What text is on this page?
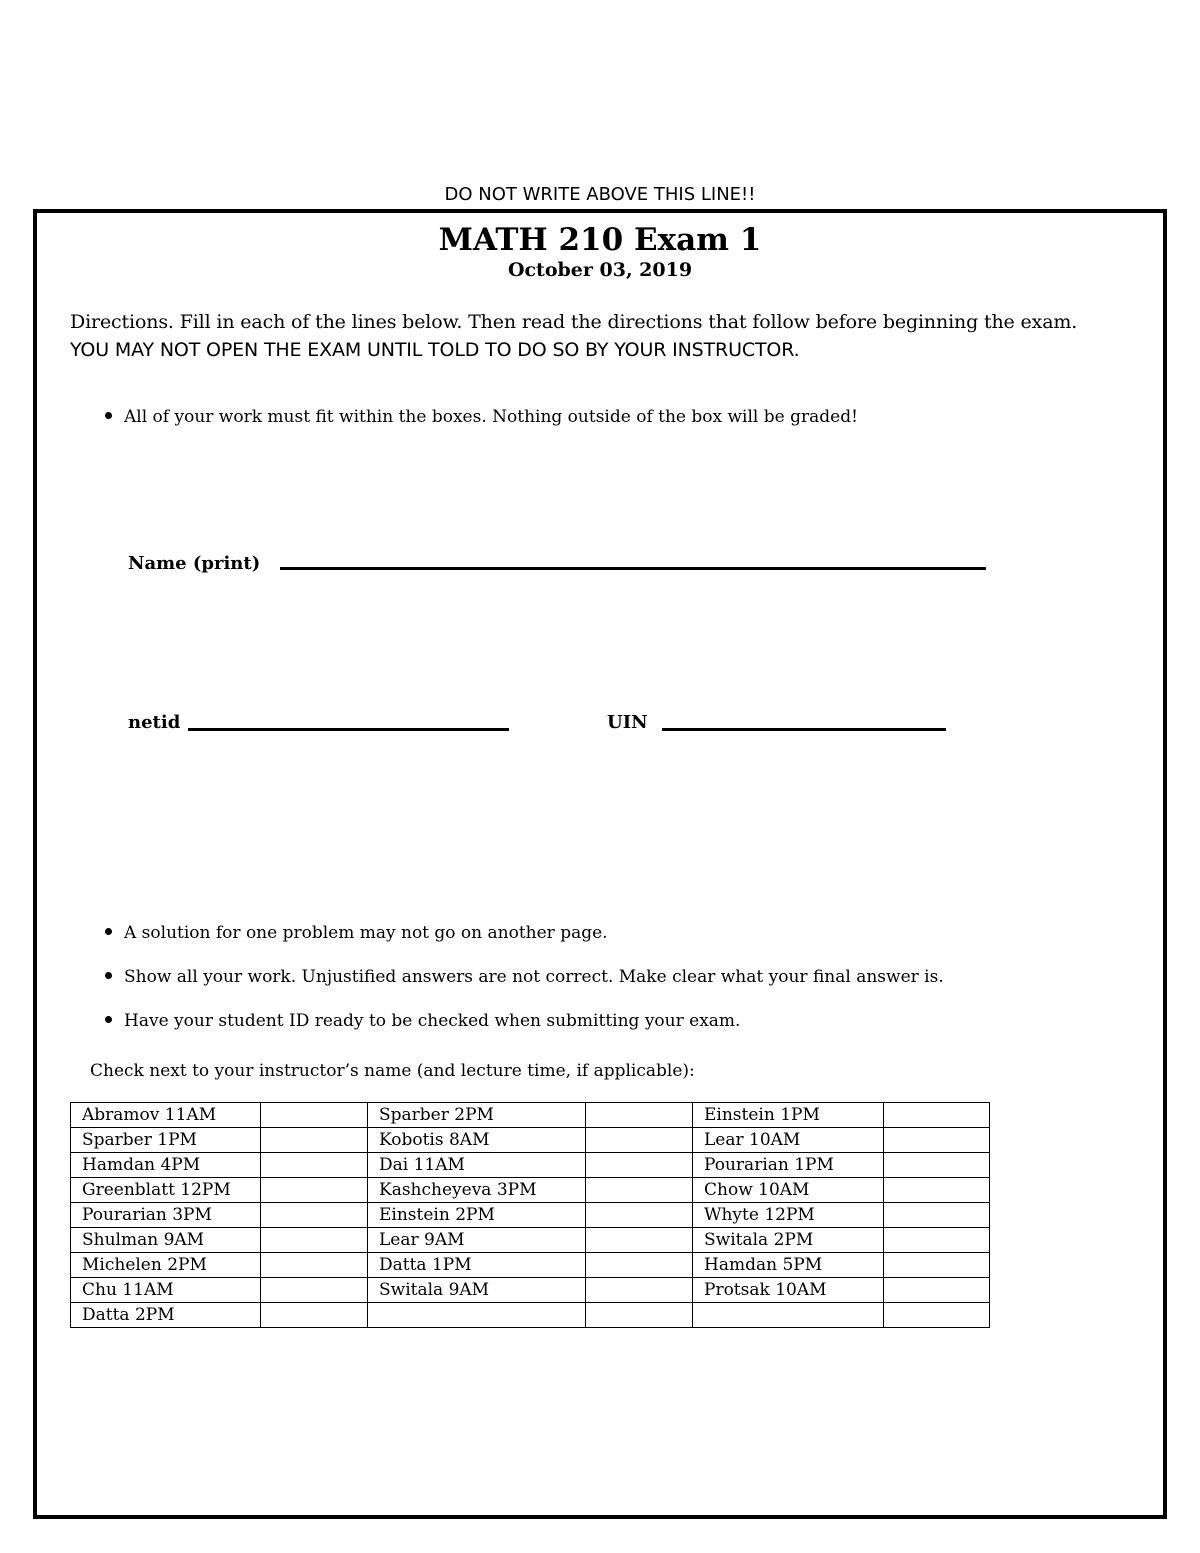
DO NOT WRITE ABOVE THIS LINE!!
MATH 210 Exam 1
October 03, 2019
Directions. Fill in each of the lines below. Then read the directions that follow before beginning the exam.
YOU MAY NOT OPEN THE EXAM UNTIL TOLD TO DO SO BY YOUR INSTRUCTOR.
All of your work must fit within the boxes. Nothing outside of the box will be graded!
Name (print)
netid	UIN
A solution for one problem may not go on another page.
Show all your work. Unjustified answers are not correct. Make clear what your final answer is.
Have your student ID ready to be checked when submitting your exam.
Check next to your instructor’s name (and lecture time, if applicable):
Abramov 11AM		Sparber 2PM		Einstein 1PM	
Sparber 1PM		Kobotis 8AM		Lear 10AM	
Hamdan 4PM		Dai 11AM		Pourarian 1PM	
Greenblatt 12PM		Kashcheyeva 3PM		Chow 10AM	
Pourarian 3PM		Einstein 2PM		Whyte 12PM	
Shulman 9AM		Lear 9AM		Switala 2PM	
Michelen 2PM		Datta 1PM		Hamdan 5PM	
Chu 11AM		Switala 9AM		Protsak 10AM	
Datta 2PM					
